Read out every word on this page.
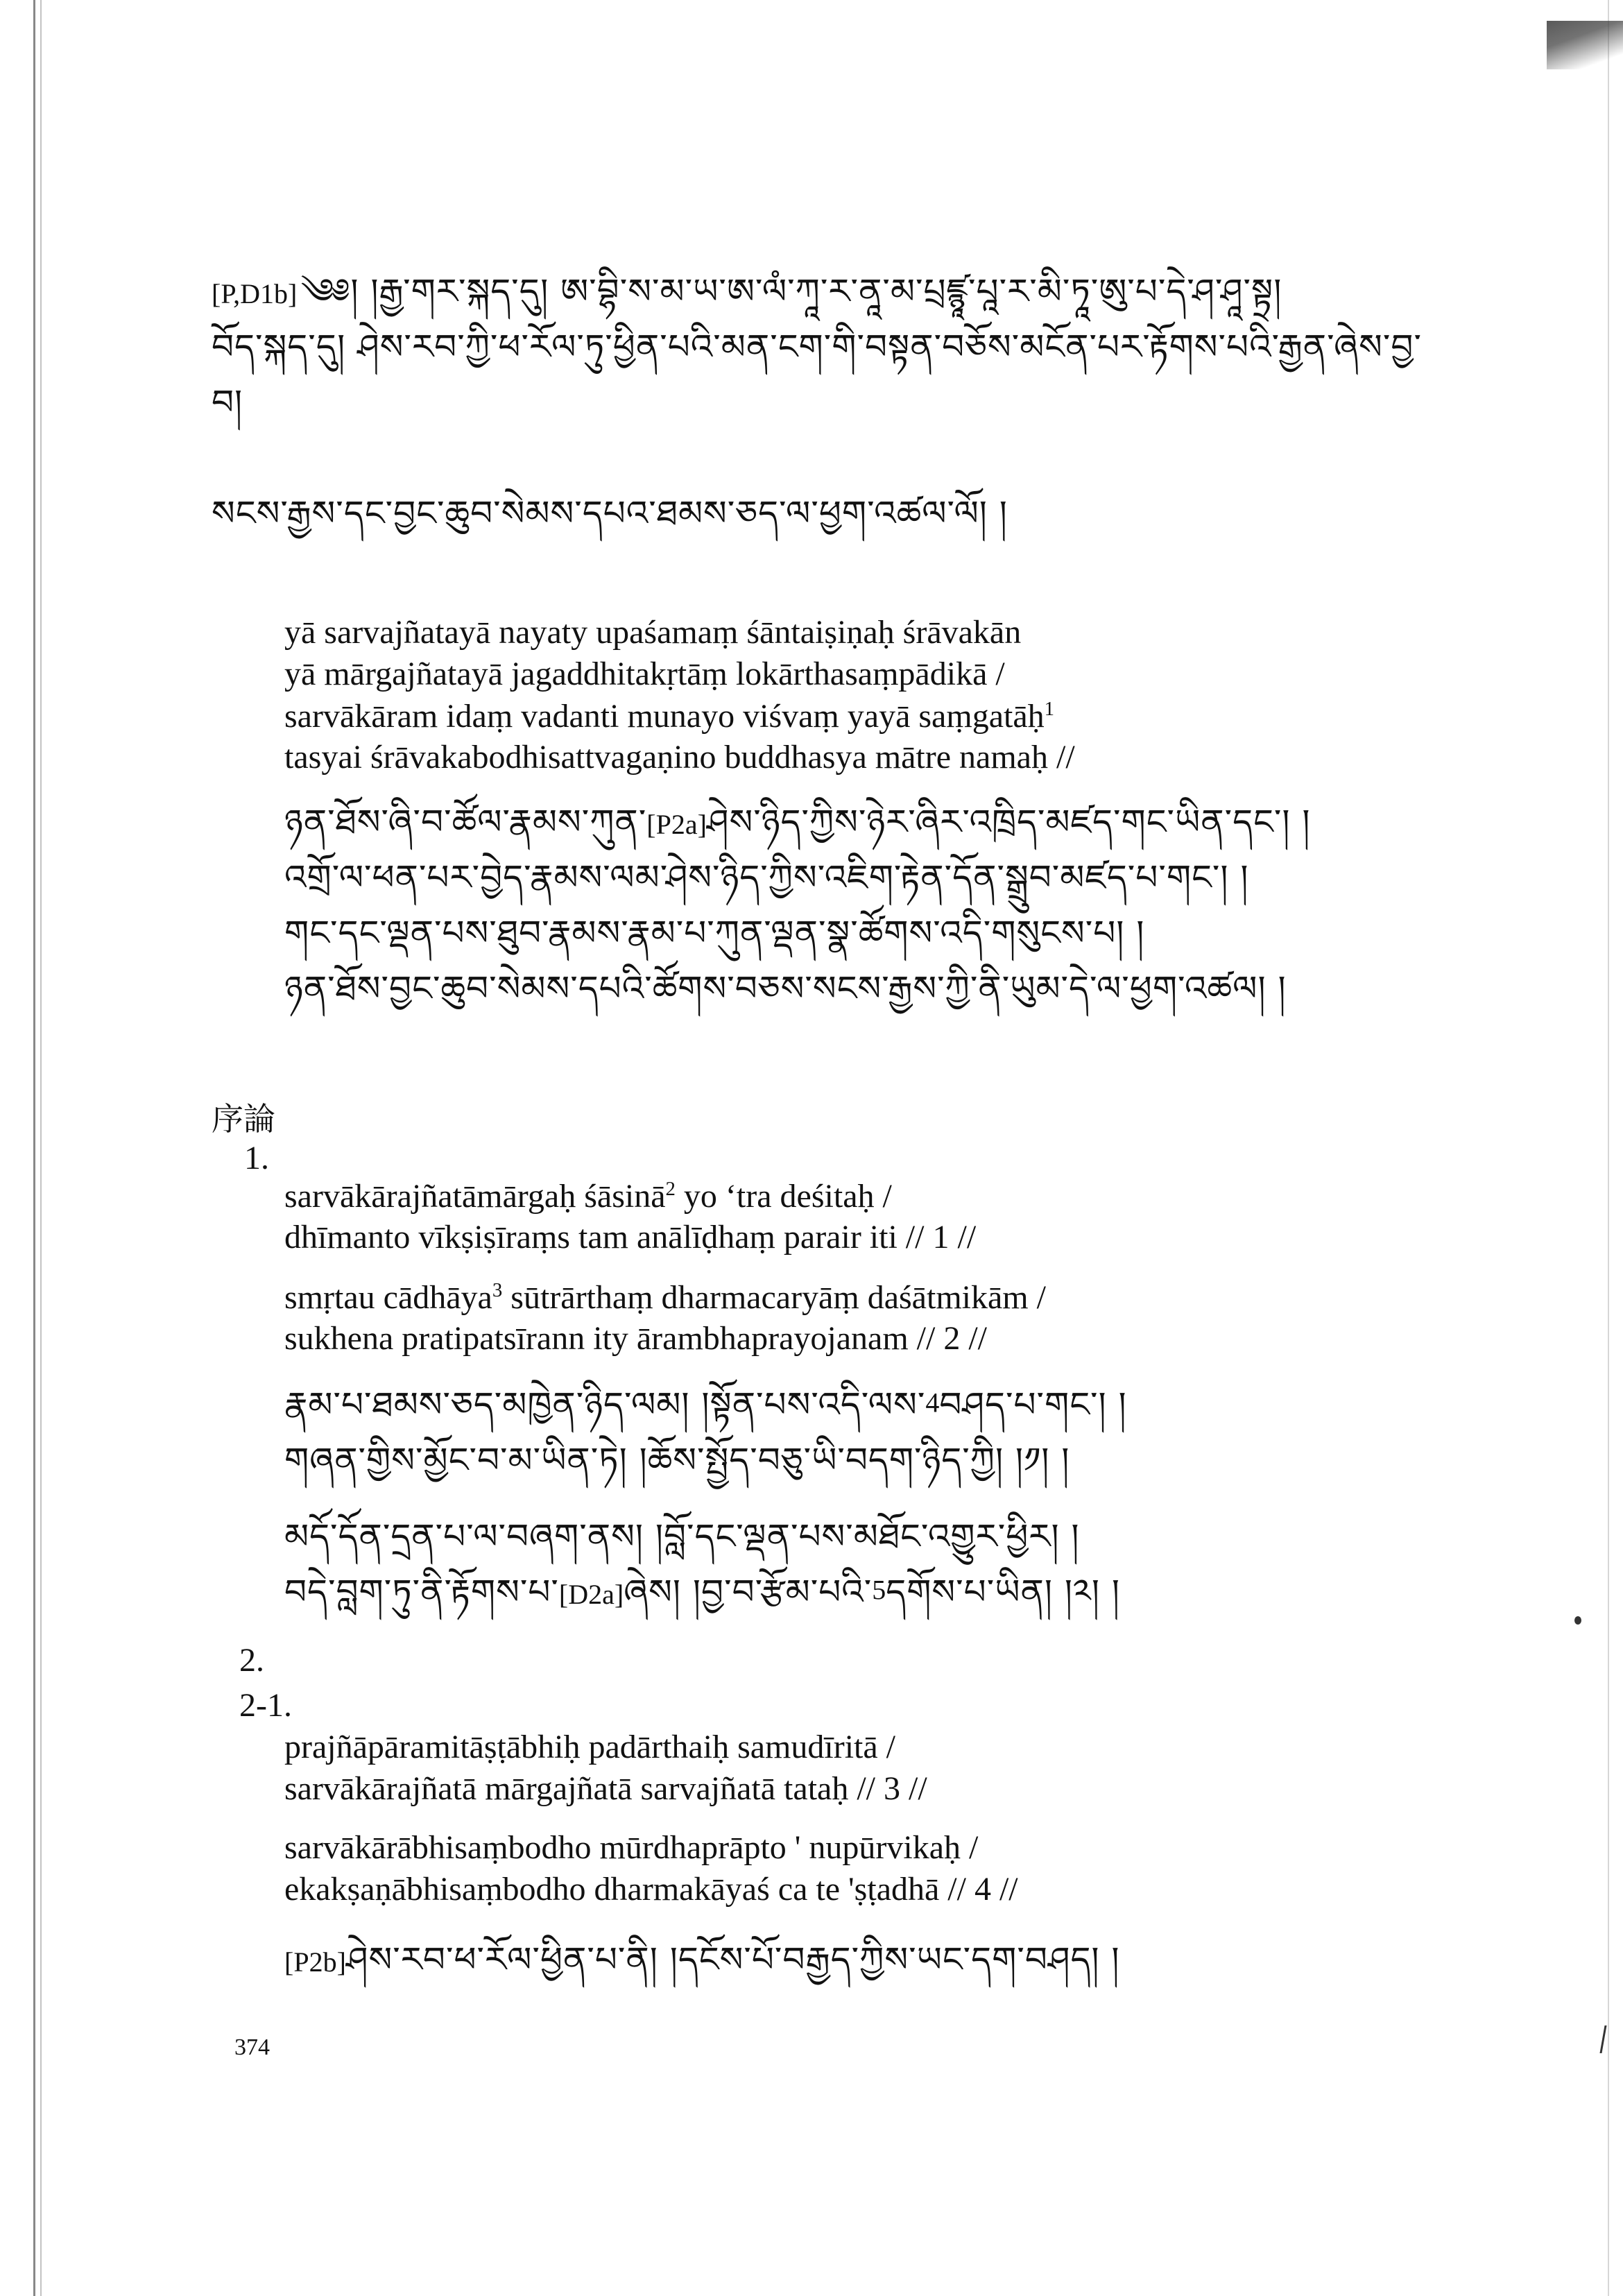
[P,D1b] ༄༅། །རྒྱ་གར་སྐད་དུ། ཨ་བྷི་ས་མ་ཡ་ཨ་ལཾ་ཀཱ་ར་ནཱ་མ་པྲཛྙཱ་པཱ་ར་མི་ཏཱ་ཨུ་པ་དེ་ཤ་ཤཱ་སྟྲ།
བོད་སྐད་དུ། ཤེས་རབ་ཀྱི་ཕ་རོལ་ཏུ་ཕྱིན་པའི་མན་ངག་གི་བསྟན་བཅོས་མངོན་པར་རྟོགས་པའི་རྒྱན་ཞེས་བྱ་
བ།
སངས་རྒྱས་དང་བྱང་ཆུབ་སེམས་དཔའ་ཐམས་ཅད་ལ་ཕྱག་འཚལ་ལོ། །
yā sarvajñatayā nayaty upaśamaṃ śāntaiṣiṇaḥ śrāvakān
yā mārgajñatayā jagaddhitakṛtāṃ lokārthasaṃpādikā /
sarvākāram idaṃ vadanti munayo viśvaṃ yayā saṃgatāḥ$^1$
tasyai śrāvakabodhisattvagaṇino buddhasya mātre namaḥ //
ཉན་ཐོས་ཞི་བ་ཚོལ་རྣམས་ཀུན་[P2a]ཤེས་ཉིད་ཀྱིས་ཉེར་ཞིར་འཁྲིད་མཛད་གང་ཡིན་དང་། །
འགྲོ་ལ་ཕན་པར་བྱེད་རྣམས་ལམ་ཤེས་ཉིད་ཀྱིས་འཇིག་རྟེན་དོན་སྒྲུབ་མཛད་པ་གང་། །
གང་དང་ལྡན་པས་ཐུབ་རྣམས་རྣམ་པ་ཀུན་ལྡན་སྣ་ཚོགས་འདི་གསུངས་པ། །
ཉན་ཐོས་བྱང་ཆུབ་སེམས་དཔའི་ཚོགས་བཅས་སངས་རྒྱས་ཀྱི་ནི་ཡུམ་དེ་ལ་ཕྱག་འཚལ། །
序論
1.
sarvākārajñatāmārgaḥ śāsinā$^2$ yo ‘tra deśitaḥ /
dhīmanto vīkṣiṣīraṃs tam anālīḍhaṃ parair iti // 1 //
smṛtau cādhāya$^3$ sūtrārthaṃ dharmacaryāṃ daśātmikām /
sukhena pratipatsīrann ity ārambhaprayojanam // 2 //
རྣམ་པ་ཐམས་ཅད་མཁྱེན་ཉིད་ལམ། །སྟོན་པས་འདི་ལས་$^4$བཤད་པ་གང་། །
གཞན་གྱིས་མྱོང་བ་མ་ཡིན་ཏེ། །ཆོས་སྤྱོད་བཅུ་ཡི་བདག་ཉིད་ཀྱི། །༡། །
མདོ་དོན་དྲན་པ་ལ་བཞག་ནས། །བློ་དང་ལྡན་པས་མཐོང་འགྱུར་ཕྱིར། །
བདེ་བླག་ཏུ་ནི་རྟོགས་པ་[D2a]ཞེས། །བྱ་བ་རྩོམ་པའི་$^5$དགོས་པ་ཡིན། །༢། །
2.
2-1.
prajñāpāramitāṣṭābhiḥ padārthaiḥ samudīritā /
sarvākārajñatā mārgajñatā sarvajñatā tataḥ // 3 //
sarvākārābhisaṃbodho mūrdhaprāpto ' nupūrvikaḥ /
ekakṣaṇābhisaṃbodho dharmakāyaś ca te 'ṣṭadhā // 4 //
[P2b]ཤེས་རབ་ཕ་རོལ་ཕྱིན་པ་ནི། །དངོས་པོ་བརྒྱད་ཀྱིས་ཡང་དག་བཤད། །
374
